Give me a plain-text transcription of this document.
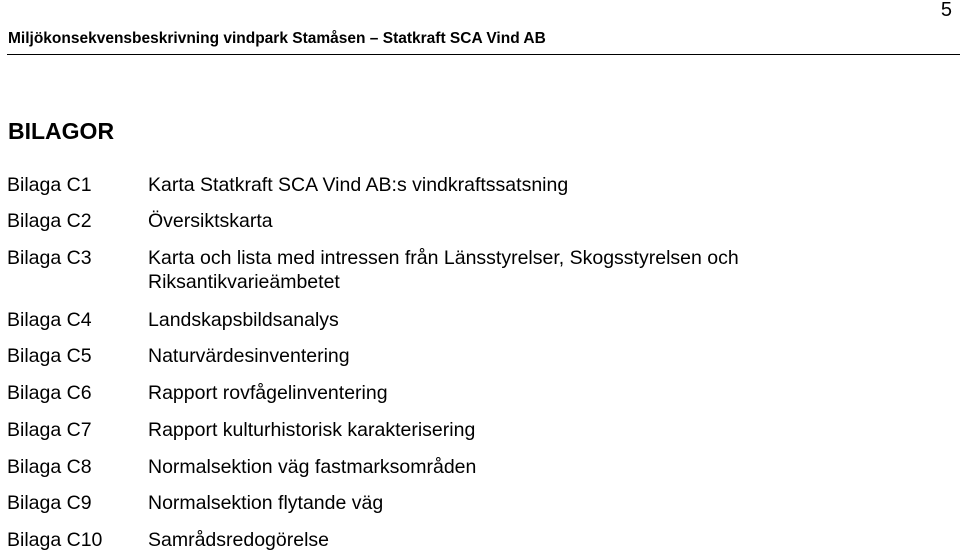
5
Miljökonsekvensbeskrivning vindpark Stamåsen – Statkraft SCA Vind AB
BILAGOR
Bilaga C1	Karta Statkraft SCA Vind AB:s vindkraftssatsning
Bilaga C2	Översiktskarta
Bilaga C3	Karta och lista med intressen från Länsstyrelser, Skogsstyrelsen och
Riksantikvarieämbetet
Bilaga C4	Landskapsbildsanalys
Bilaga C5	Naturvärdesinventering
Bilaga C6	Rapport rovfågelinventering
Bilaga C7	Rapport kulturhistorisk karakterisering
Bilaga C8	Normalsektion väg fastmarksområden
Bilaga C9	Normalsektion flytande väg
Bilaga C10 Samrådsredogörelse
